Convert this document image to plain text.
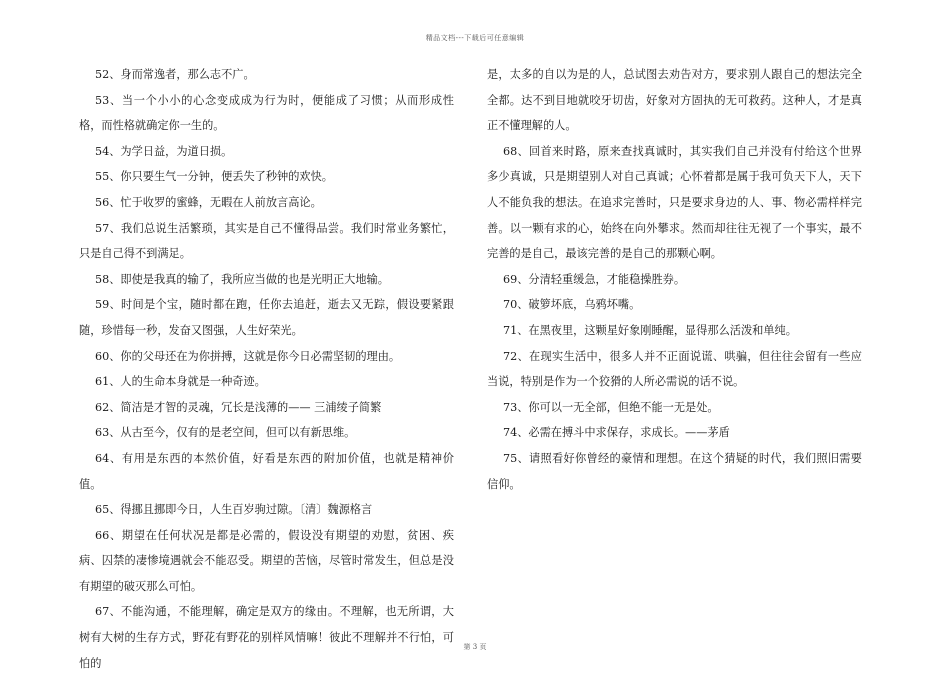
精品文档---下载后可任意编辑

52、身而常逸者，那么志不广。

53、当一个小小的心念变成成为行为时，便能成了习惯；从而形成性格，而性格就确定你一生的。

54、为学日益，为道日损。

55、你只要生气一分钟，便丢失了秒钟的欢快。

56、忙于收罗的蜜蜂，无暇在人前放言高论。

57、我们总说生活繁琐，其实是自己不懂得品尝。我们时常业务繁忙，只是自己得不到满足。

58、即使是我真的输了，我所应当做的也是光明正大地输。

59、时间是个宝，随时都在跑，任你去追赶，逝去又无踪，假设要紧跟随，珍惜每一秒，发奋又图强，人生好荣光。

60、你的父母还在为你拼搏，这就是你今日必需坚韧的理由。

61、人的生命本身就是一种奇迹。

62、简洁是才智的灵魂，冗长是浅薄的—— 三浦绫子简繁

63、从古至今，仅有的是老空间，但可以有新思维。

64、有用是东西的本然价值，好看是东西的附加价值，也就是精神价值。

65、得挪且挪即今日，人生百岁驹过隙。〔清〕魏源格言

66、期望在任何状况是都是必需的，假设没有期望的劝慰，贫困、疾病、囚禁的凄惨境遇就会不能忍受。期望的苦恼，尽管时常发生，但总是没有期望的破灭那么可怕。

67、不能沟通，不能理解，确定是双方的缘由。不理解，也无所谓，大树有大树的生存方式，野花有野花的别样风情嘛！彼此不理解并不行怕，可怕的

是，太多的自以为是的人，总试图去劝告对方，要求别人跟自己的想法完全全都。达不到目地就咬牙切齿，好象对方固执的无可救药。这种人，才是真正不懂理解的人。

68、回首来时路，原来查找真诚时，其实我们自己并没有付给这个世界多少真诚，只是期望别人对自己真诚；心怀着都是属于我可负天下人，天下人不能负我的想法。在追求完善时，只是要求身边的人、事、物必需样样完善。以一颗有求的心，始终在向外攀求。然而却往往无视了一个事实，最不完善的是自己，最该完善的是自己的那颗心啊。

69、分清轻重缓急，才能稳操胜券。

70、破箩坏底，乌鸦坏嘴。

71、在黑夜里，这颗星好象刚睡醒，显得那么活泼和单纯。

72、在现实生活中，很多人并不正面说谎、哄骗，但往往会留有一些应当说，特别是作为一个狡猾的人所必需说的话不说。

73、你可以一无全部，但绝不能一无是处。

74、必需在搏斗中求保存，求成长。——茅盾

75、请照看好你曾经的豪情和理想。在这个猜疑的时代，我们照旧需要信仰。

第 3 页
